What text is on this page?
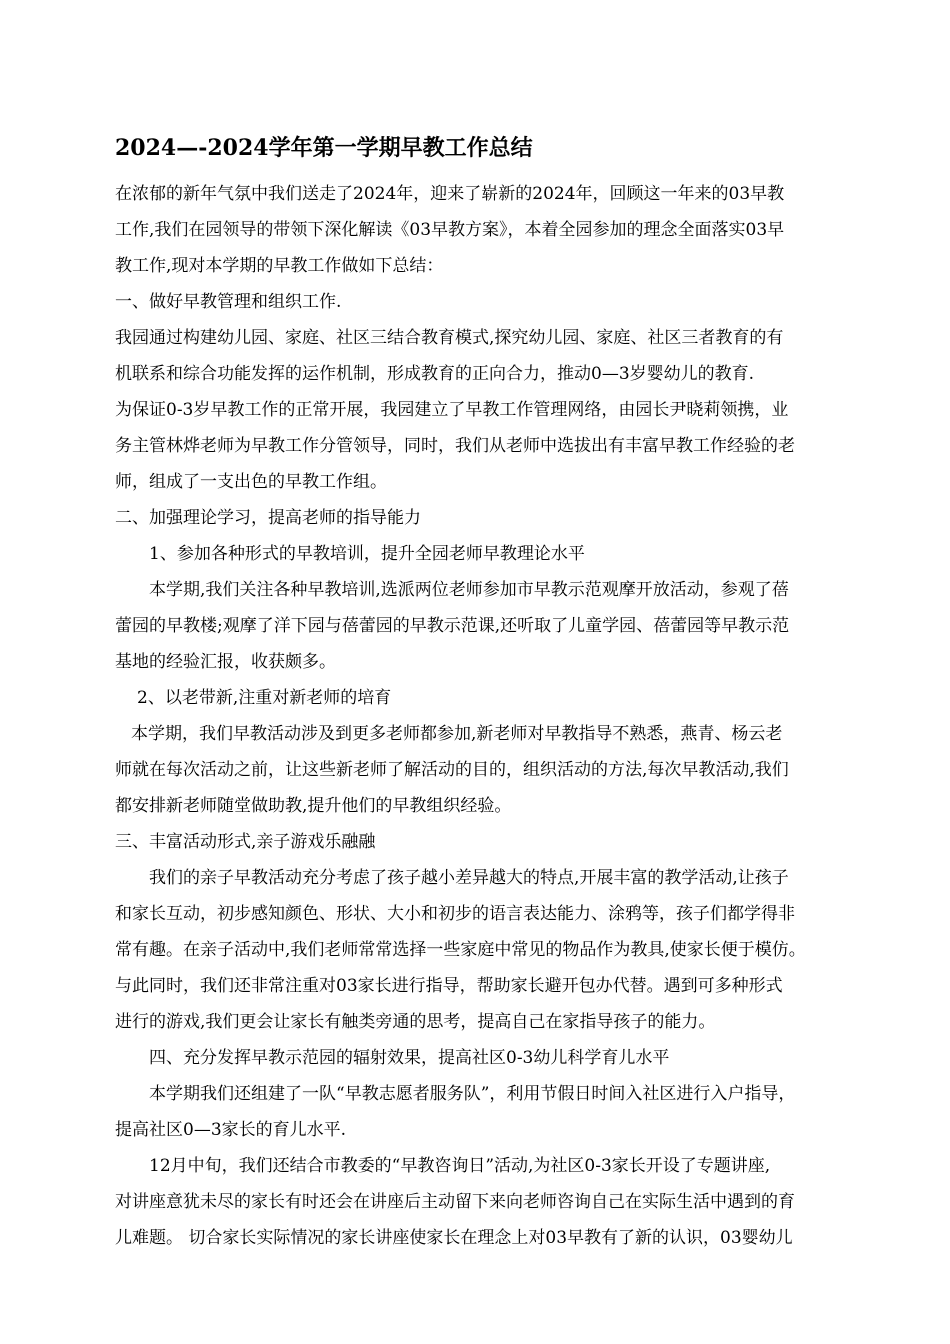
2024—-2024学年第一学期早教工作总结
在浓郁的新年气氛中我们送走了2024年，迎来了崭新的2024年，回顾这一年来的03早教
工作,我们在园领导的带领下深化解读《03早教方案》，本着全园参加的理念全面落实03早
教工作,现对本学期的早教工作做如下总结：
一、做好早教管理和组织工作.
我园通过构建幼儿园、家庭、社区三结合教育模式,探究幼儿园、家庭、社区三者教育的有
机联系和综合功能发挥的运作机制，形成教育的正向合力，推动0—3岁婴幼儿的教育.
为保证0-3岁早教工作的正常开展，我园建立了早教工作管理网络，由园长尹晓莉领携，业
务主管林烨老师为早教工作分管领导，同时，我们从老师中选拔出有丰富早教工作经验的老
师，组成了一支出色的早教工作组。
二、加强理论学习，提高老师的指导能力
1、参加各种形式的早教培训，提升全园老师早教理论水平
本学期,我们关注各种早教培训,选派两位老师参加市早教示范观摩开放活动，参观了蓓
蕾园的早教楼;观摩了洋下园与蓓蕾园的早教示范课,还听取了儿童学园、蓓蕾园等早教示范
基地的经验汇报，收获颇多。
2、以老带新,注重对新老师的培育
本学期，我们早教活动涉及到更多老师都参加,新老师对早教指导不熟悉，燕青、杨云老
师就在每次活动之前，让这些新老师了解活动的目的，组织活动的方法,每次早教活动,我们
都安排新老师随堂做助教,提升他们的早教组织经验。
三、丰富活动形式,亲子游戏乐融融
我们的亲子早教活动充分考虑了孩子越小差异越大的特点,开展丰富的教学活动,让孩子
和家长互动，初步感知颜色、形状、大小和初步的语言表达能力、涂鸦等，孩子们都学得非
常有趣。在亲子活动中,我们老师常常选择一些家庭中常见的物品作为教具,使家长便于模仿。
与此同时，我们还非常注重对03家长进行指导，帮助家长避开包办代替。遇到可多种形式
进行的游戏,我们更会让家长有触类旁通的思考，提高自己在家指导孩子的能力。
四、充分发挥早教示范园的辐射效果，提高社区0-3幼儿科学育儿水平
本学期我们还组建了一队“早教志愿者服务队”，利用节假日时间入社区进行入户指导，
提高社区0—3家长的育儿水平.
12月中旬，我们还结合市教委的“早教咨询日”活动,为社区0-3家长开设了专题讲座,
对讲座意犹未尽的家长有时还会在讲座后主动留下来向老师咨询自己在实际生活中遇到的育
儿难题。 切合家长实际情况的家长讲座使家长在理念上对03早教有了新的认识，03婴幼儿
